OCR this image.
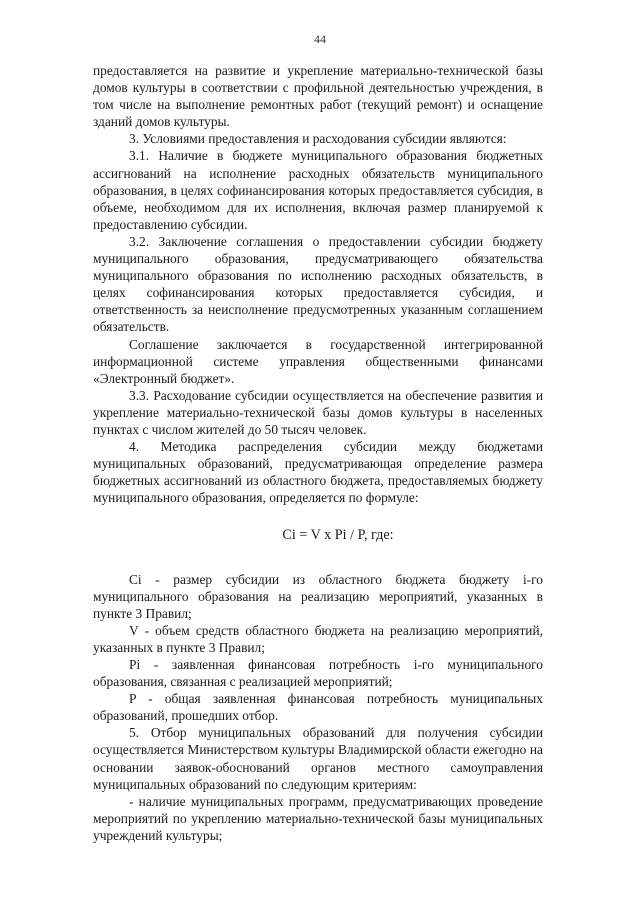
44

предоставляется на развитие и укрепление материально-технической базы домов культуры в соответствии с профильной деятельностью учреждения, в том числе на выполнение ремонтных работ (текущий ремонт) и оснащение зданий домов культуры.

3. Условиями предоставления и расходования субсидии являются:

3.1. Наличие в бюджете муниципального образования бюджетных ассигнований на исполнение расходных обязательств муниципального образования, в целях софинансирования которых предоставляется субсидия, в объеме, необходимом для их исполнения, включая размер планируемой к предоставлению субсидии.

3.2. Заключение соглашения о предоставлении субсидии бюджету муниципального образования, предусматривающего обязательства муниципального образования по исполнению расходных обязательств, в целях софинансирования которых предоставляется субсидия, и ответственность за неисполнение предусмотренных указанным соглашением обязательств.

Соглашение заключается в государственной интегрированной информационной системе управления общественными финансами «Электронный бюджет».

3.3. Расходование субсидии осуществляется на обеспечение развития и укрепление материально-технической базы домов культуры в населенных пунктах с числом жителей до 50 тысяч человек.

4. Методика распределения субсидии между бюджетами муниципальных образований, предусматривающая определение размера бюджетных ассигнований из областного бюджета, предоставляемых бюджету муниципального образования, определяется по формуле:

Ci = V x Pi / P, где:

Ci - размер субсидии из областного бюджета бюджету i-го муниципального образования на реализацию мероприятий, указанных в пункте 3 Правил;

V - объем средств областного бюджета на реализацию мероприятий, указанных в пункте 3 Правил;

Pi - заявленная финансовая потребность i-го муниципального образования, связанная с реализацией мероприятий;

P - общая заявленная финансовая потребность муниципальных образований, прошедших отбор.

5. Отбор муниципальных образований для получения субсидии осуществляется Министерством культуры Владимирской области ежегодно на основании заявок-обоснований органов местного самоуправления муниципальных образований по следующим критериям:

- наличие муниципальных программ, предусматривающих проведение мероприятий по укреплению материально-технической базы муниципальных учреждений культуры;
